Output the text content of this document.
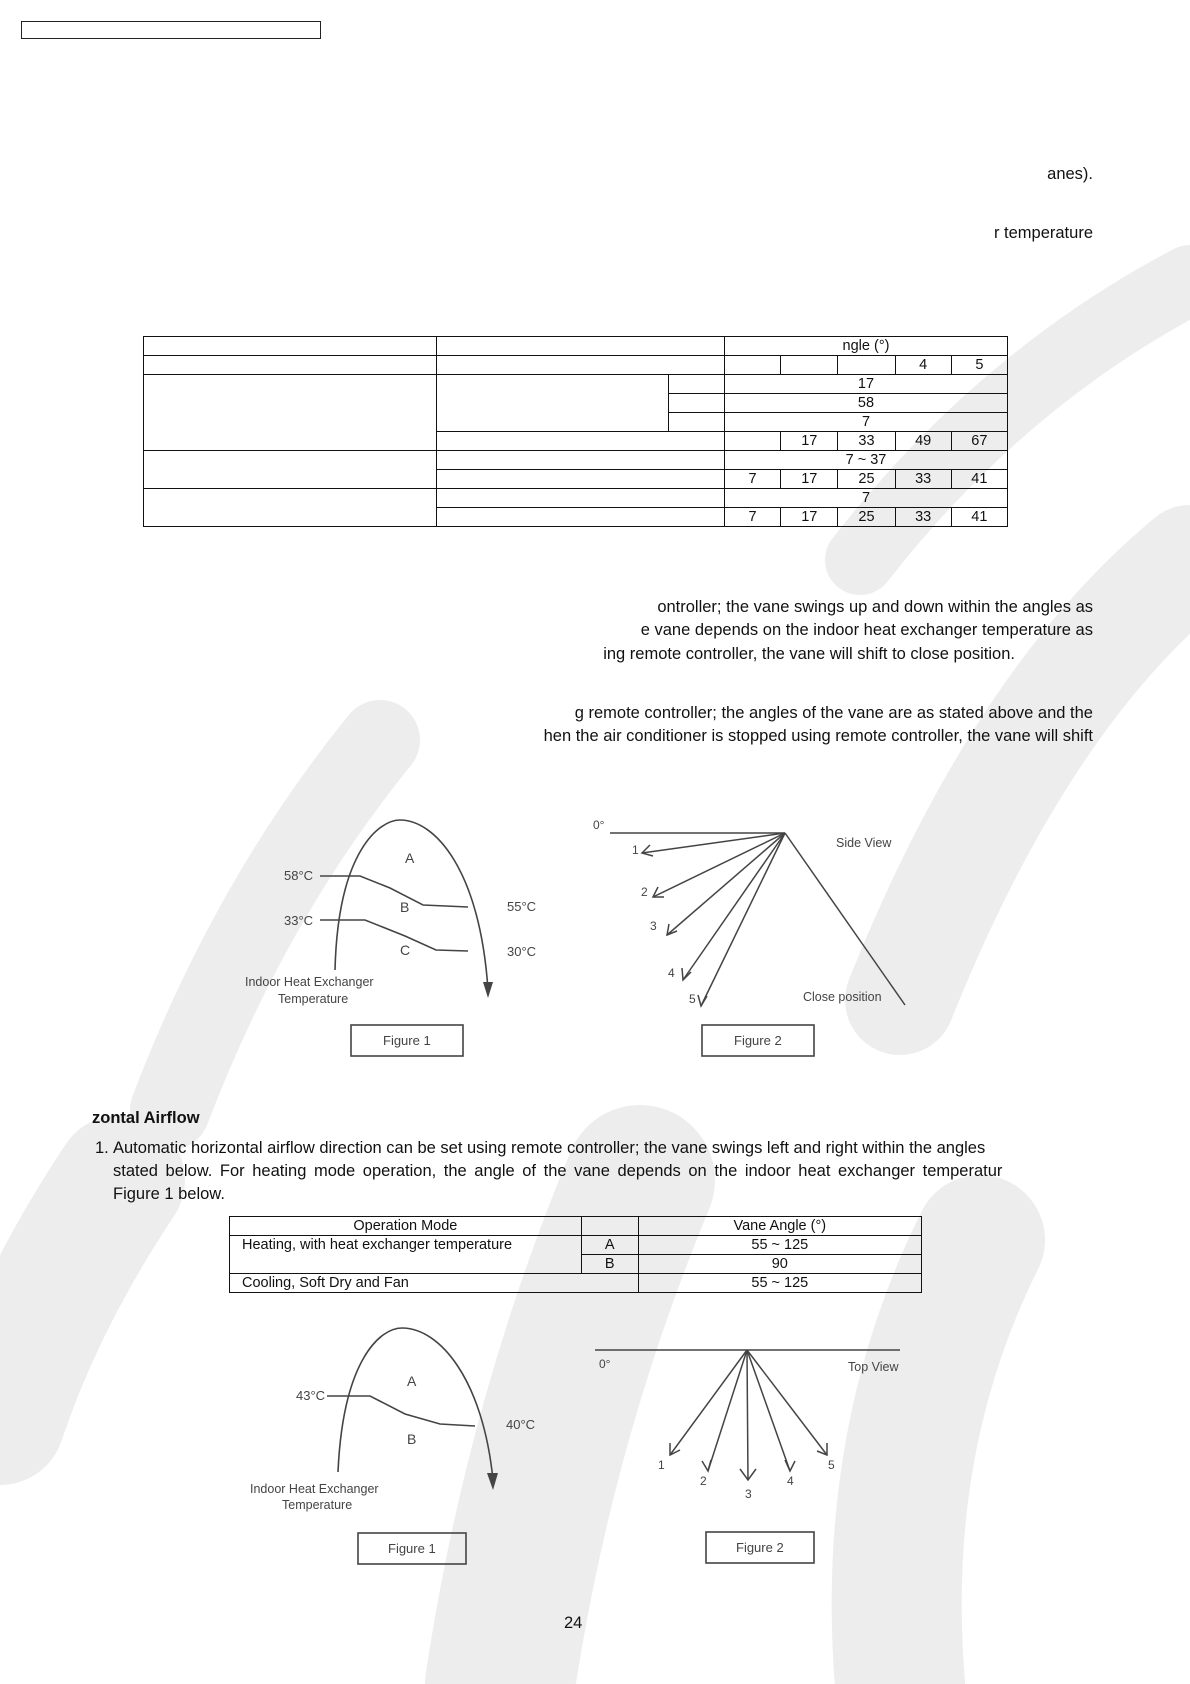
anes).
r temperature
			ngle (°)				
						4	5
			17				
			58				
			7				
				17	33	49	67
			7 ~ 37				
			7	17	25	33	41
			7				
			7	17	25	33	41
ontroller; the vane swings up and down within the angles as
e vane depends on the indoor heat exchanger temperature as
ing remote controller, the vane will shift to close position.
g remote controller; the angles of the vane are as stated above and the
hen the air conditioner is stopped using remote controller, the vane will shift
A
B
C
58°C
33°C
55°C
30°C
Indoor Heat Exchanger
Temperature
Figure 1
0°
Side View
Close position
1
2
3
4
5
Figure 2
zontal Airflow
1. Automatic horizontal airflow direction can be set using remote controller; the vane swings left and right within the angles
stated below. For heating mode operation, the angle of the vane depends on the indoor heat exchanger temperatur
Figure 1 below.
Operation Mode		Vane Angle (°)
Heating, with heat exchanger temperature	A	55 ~ 125
	B	90
Cooling, Soft Dry and Fan		55 ~ 125
A
B
43°C
40°C
Indoor Heat Exchanger
Temperature
Figure 1
0°	Top View
1
2
3
4
5
Figure 2
24
